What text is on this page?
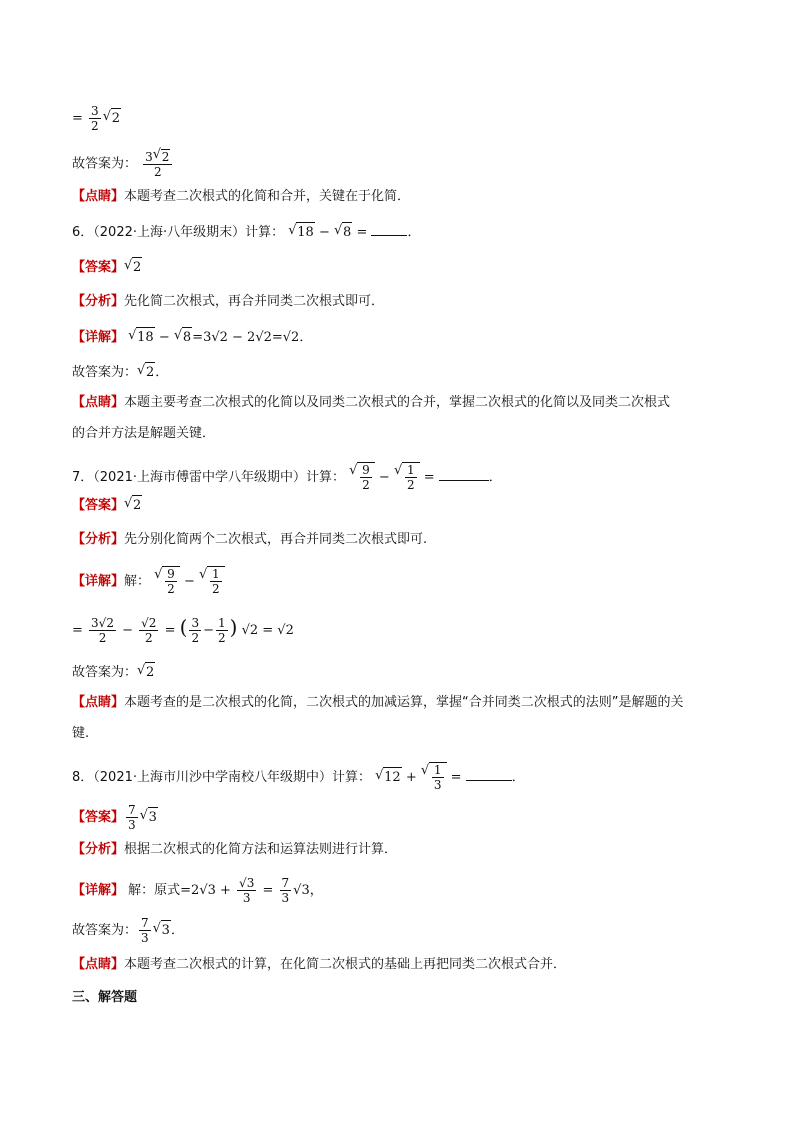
= $\frac{3}{2}$ √ 2
故答案为： $\frac{3 √ 2}{2}$
【点睛】本题考查二次根式的化简和合并，关键在于化简．
6．（2022·上海·八年级期末）计算： √ 18 − √ 8 =	．
【答案】 √ 2
【分析】先化简二次根式，再合并同类二次根式即可．
【详解】 √ 18 − √ 8=3√2 − 2√2=√2．
故答案为： √ 2．
【点睛】本题主要考查二次根式的化简以及同类二次根式的合并，掌握二次根式的化简以及同类二次根式
的合并方法是解题关键．
7．（2021·上海市傅雷中学八年级期中）计算： √ $\frac{9}{2}$ − √ $\frac{1}{2}$ =	．
【答案】 √ 2
【分析】先分别化简两个二次根式，再合并同类二次根式即可.
【详解】解： √ $\frac{9}{2}$ − √ $\frac{1}{2}$
= $\frac{3√2}{2} - \frac{√2}{2}$ = ( $\frac{3}{2} - \frac{1}{2}$ ) √2 = √2
故答案为： √ 2
【点睛】本题考查的是二次根式的化简，二次根式的加减运算，掌握“合并同类二次根式的法则”是解题的关
键.
8．（2021·上海市川沙中学南校八年级期中）计算： √ 12 + √ $\frac{1}{3}$ =	．
【答案】 $\frac{7}{3}$ √ 3
【分析】根据二次根式的化简方法和运算法则进行计算．
【详解】 解：原式$=2√3 + \frac{√3}{3} = \frac{7}{3} √3$，
故答案为： $\frac{7}{3}$ √ 3．
【点睛】本题考查二次根式的计算，在化简二次根式的基础上再把同类二次根式合并．
三、解答题
